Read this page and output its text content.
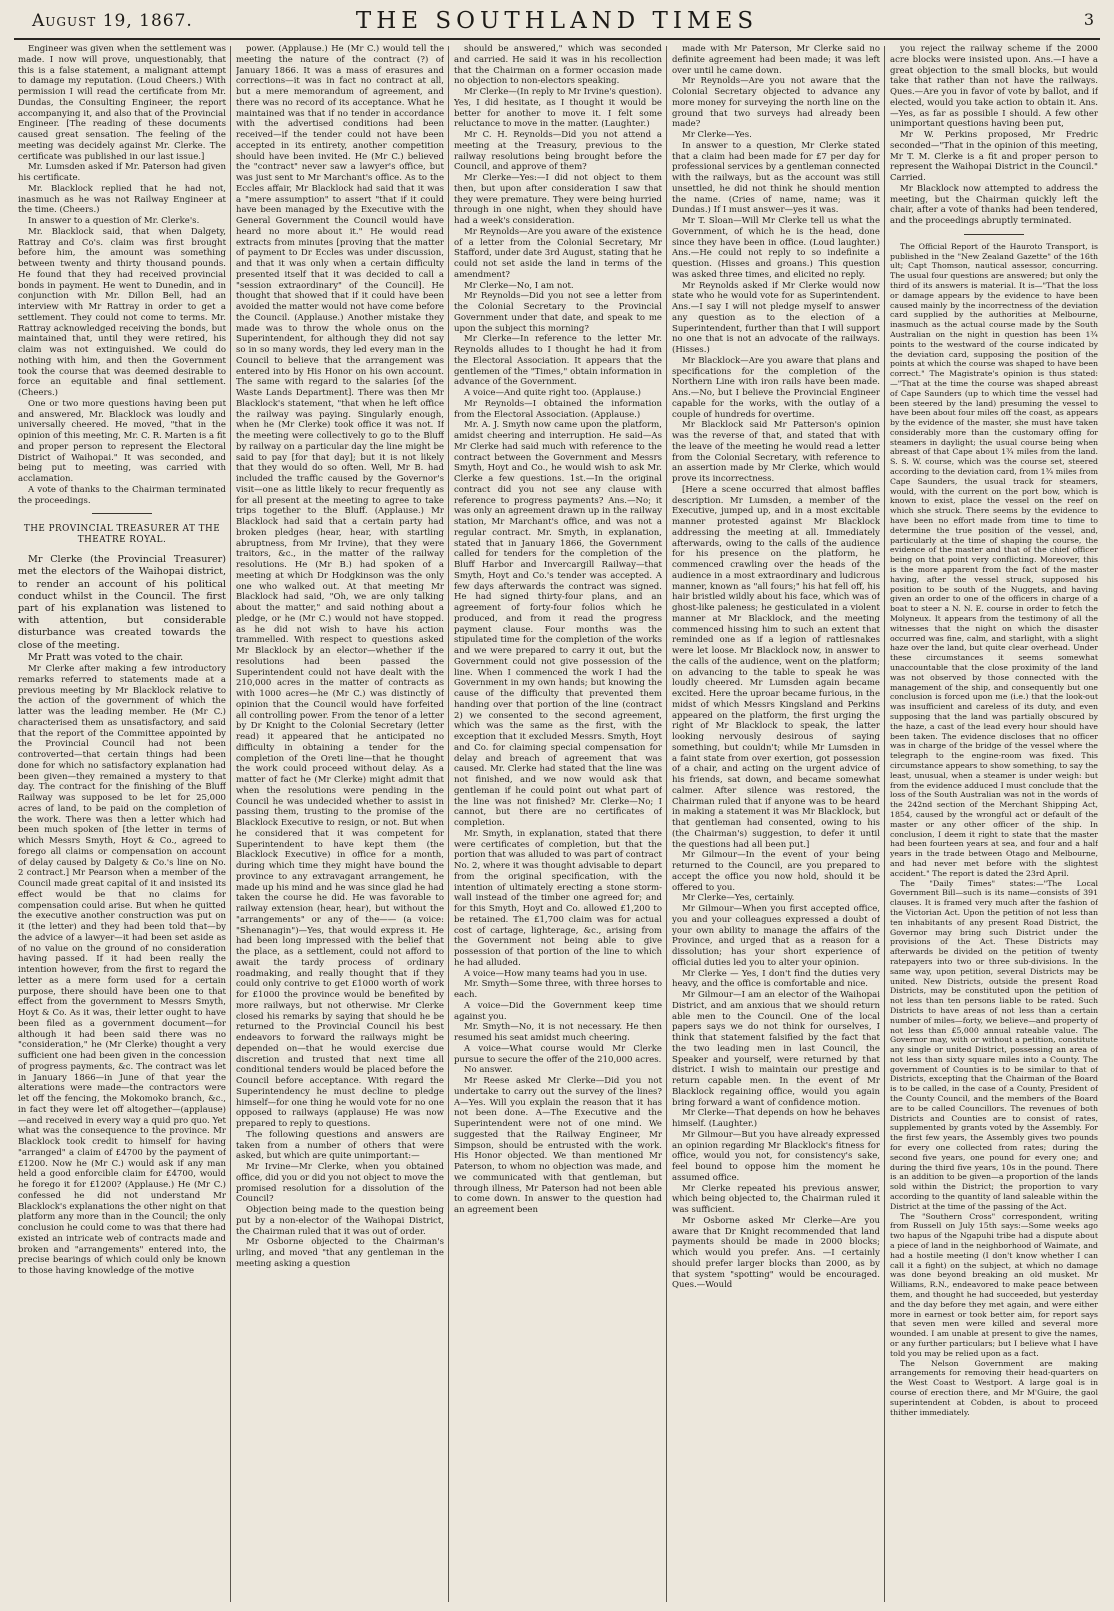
August 19, 1867.	THE SOUTHLAND TIMES	3

Engineer was given when the settlement was made. I now will prove, unquestionably, that this is a false statement, a malignant attempt to damage my reputation. (Loud Cheers.) With permission I will read the certificate from Mr. Dundas, the Consulting Engineer, the report accompanying it, and also that of the Provincial Engineer. [The reading of these documents caused great sensation. The feeling of the meeting was decidely against Mr. Clerke. The certificate was published in our last issue.]

Mr. Lumsden asked if Mr. Paterson had given his certificate.

Mr. Blacklock replied that he had not, inasmuch as he was not Railway Engineer at the time. (Cheers.)

In answer to a question of Mr. Clerke's.

Mr. Blacklock said, that when Dalgety, Rattray and Co's. claim was first brought before him, the amount was something between twenty and thirty thousand pounds. He found that they had received provincial bonds in payment. He went to Dunedin, and in conjunction with Mr. Dillon Bell, had an interview with Mr Rattray in order to get a settlement. They could not come to terms. Mr. Rattray acknowledged receiving the bonds, but maintained that, until they were retired, his claim was not extinguished. We could do nothing with him, and then the Government took the course that was deemed desirable to force an equitable and final settlement. (Cheers.)

One or two more questions having been put and answered, Mr. Blacklock was loudly and universally cheered. He moved, "that in the opinion of this meeting, Mr. C. R. Marten is a fit and proper person to represent the Electoral District of Waihopai." It was seconded, and being put to meeting, was carried with acclamation.

A vote of thanks to the Chairman terminated the proceedings.

THE PROVINCIAL TREASURER AT THE THEATRE ROYAL.

Mr Clerke (the Provincial Treasurer) met the electors of the Waihopai district, to render an account of his political conduct whilst in the Council. The first part of his explanation was listened to with attention, but considerable disturbance was created towards the close of the meeting.

Mr Pratt was voted to the chair.

Mr Clerke after making a few introductory remarks referred to statements made at a previous meeting by Mr Blacklock relative to the action of the government of which the latter was the leading member. He (Mr C.) characterised them as unsatisfactory, and said that the report of the Committee appointed by the Provincial Council had not been controverted—that certain things had been done for which no satisfactory explanation had been given—they remained a mystery to that day. The contract for the finishing of the Bluff Railway was supposed to be let for 25,000 acres of land, to be paid on the completion of the work. There was then a letter which had been much spoken of [the letter in terms of which Messrs Smyth, Hoyt & Co., agreed to forego all claims or compensation on account of delay caused by Dalgety & Co.'s line on No. 2 contract.] Mr Pearson when a member of the Council made great capital of it and insisted its effect would be that no claims for compensation could arise. But when he quitted the executive another construction was put on it (the letter) and they had been told that—by the advice of a lawyer—it had been set aside as of no value on the ground of no consideration having passed. If it had been really the intention however, from the first to regard the letter as a mere form used for a certain purpose, there should have been one to that effect from the government to Messrs Smyth, Hoyt & Co. As it was, their letter ought to have been filed as a government document—for although it had been said there was no "consideration," he (Mr Clerke) thought a very sufficient one had been given in the concession of progress payments, &c. The contract was let in January 1866—in June of that year the alterations were made—the contractors were let off the fencing, the Mokomoko branch, &c., in fact they were let off altogether—(applause)—and received in every way a quid pro quo. Yet what was the consequence to the province. Mr Blacklock took credit to himself for having "arranged" a claim of £4700 by the payment of £1200. Now he (Mr C.) would ask if any man held a good enforcible claim for £4700, would he forego it for £1200? (Applause.) He (Mr C.) confessed he did not understand Mr Blacklock's explanations the other night on that platform any more than in the Council; the only conclusion he could come to was that there had existed an intricate web of contracts made and broken and "arrangements" entered into, the precise bearings of which could only be known to those having knowledge of the motive

power. (Applause.) He (Mr C.) would tell the meeting the nature of the contract (?) of January 1866. It was a mass of erasures and corrections—it was in fact no contract at all, but a mere memorandum of agreement, and there was no record of its acceptance. What he maintained was that if no tender in accordance with the advertised conditions had been received—if the tender could not have been accepted in its entirety, another competition should have been invited. He (Mr C.) believed the "contract" never saw a lawyer's office, but was just sent to Mr Marchant's office. As to the Eccles affair, Mr Blacklock had said that it was a "mere assumption" to assert "that if it could have been managed by the Executive with the General Government the Council would have heard no more about it." He would read extracts from minutes [proving that the matter of payment to Dr Eccles was under discussion, and that it was only when a certain difficulty presented itself that it was decided to call a "session extraordinary" of the Council]. He thought that showed that if it could have been avoided the matter would not have come before the Council. (Applause.) Another mistake they made was to throw the whole onus on the Superintendent, for although they did not say so in so many words, they led every man in the Council to believe that the arrangement was entered into by His Honor on his own account. The same with regard to the salaries [of the Waste Lands Department]. There was then Mr Blacklock's statement, "that when he left office the railway was paying. Singularly enough, when he (Mr Clerke) took office it was not. If the meeting were collectively to go to the Bluff by railway on a particular day the line might be said to pay [for that day]; but it is not likely that they would do so often. Well, Mr B. had included the traffic caused by the Governor's visit—one as little likely to recur frequently as for all present at the meeting to agree to take trips together to the Bluff. (Applause.) Mr Blacklock had said that a certain party had broken pledges (hear, hear, with startling abruptness, from Mr Irvine), that they were traitors, &c., in the matter of the railway resolutions. He (Mr B.) had spoken of a meeting at which Dr Hodgkinson was the only one who walked out. At that meeting Mr Blacklock had said, "Oh, we are only talking about the matter," and said nothing about a pledge, or he (Mr C.) would not have stopped. as he did not wish to have his action trammelled. With respect to questions asked Mr Blacklock by an elector—whether if the resolutions had been passed the Superintendent could not have dealt with the 210,000 acres in the matter of contracts as with 1000 acres—he (Mr C.) was distinctly of opinion that the Council would have forfeited all controlling power. From the tenor of a letter by Dr Knight to the Colonial Secretary (letter read) it appeared that he anticipated no difficulty in obtaining a tender for the completion of the Oreti line—that he thought the work could proceed without delay. As a matter of fact he (Mr Clerke) might admit that when the resolutions were pending in the Council he was undecided whether to assist in passing them, trusting to the promise of the Blacklock Executive to resign, or not. But when he considered that it was competent for Superintendent to have kept them (the Blacklock Executive) in office for a month, during which time they might have bound the province to any extravagant arrangement, he made up his mind and he was since glad he had taken the course he did. He was favorable to railway extension (hear, hear), but without the "arrangements" or any of the—— (a voice: "Shenanagin")—Yes, that would express it. He had been long impressed with the belief that the place, as a settlement, could not afford to await the tardy process of ordinary roadmaking, and really thought that if they could only contrive to get £1000 worth of work for £1000 the province would be benefited by more railways, but not otherwise. Mr Clerke closed his remarks by saying that should he be returned to the Provincial Council his best endeavors to forward the railways might be depended on—that he would exercise due discretion and trusted that next time all conditional tenders would be placed before the Council before acceptance. With regard the Superintendency he must decline to pledge himself—for one thing he would vote for no one opposed to railways (applause) He was now prepared to reply to questions.

The following questions and answers are taken from a number of others that were asked, but which are quite unimportant:—

Mr Irvine—Mr Clerke, when you obtained office, did you or did you not object to move the promised resolution for a dissolution of the Council?

Objection being made to the question being put by a non-elector of the Waihopai District, the Chairman ruled that it was out of order.

Mr Osborne objected to the Chairman's urling, and moved "that any gentleman in the meeting asking a question

should be answered," which was seconded and carried. He said it was in his recollection that the Chairman on a former occasion made no objection to non-electors speaking.

Mr Clerke—(In reply to Mr Irvine's question). Yes, I did hesitate, as I thought it would be better for another to move it. I felt some reluctance to move in the matter. (Laughter.)

Mr C. H. Reynolds—Did you not attend a meeting at the Treasury, previous to the railway resolutions being brought before the Council, and approve of them?

Mr Clerke—Yes:—I did not object to them then, but upon after consideration I saw that they were premature. They were being hurried through in one night, when they should have had a week's consideration.

Mr Reynolds—Are you aware of the existence of a letter from the Colonial Secretary, Mr Stafford, under date 3rd August, stating that he could not set aside the land in terms of the amendment?

Mr Clerke—No, I am not.

Mr Reynolds—Did you not see a letter from the Colonial Secretary to the Provincial Government under that date, and speak to me upon the subject this morning?

Mr Clerke—In reference to the letter Mr. Reynolds alludes to I thought he had it from the Electoral Association. It appears that the gentlemen of the "Times," obtain information in advance of the Government.

A voice—And quite right too. (Applause.)

Mr Reynolds—I obtained the information from the Electoral Association. (Applause.)

Mr. A. J. Smyth now came upon the platform, amidst cheering and interruption. He said—As Mr Clerke had said much with reference to the contract between the Government and Messrs Smyth, Hoyt and Co., he would wish to ask Mr. Clerke a few questions. 1st.—In the original contract did you not see any clause with reference to progress payments? Ans.—No; it was only an agreement drawn up in the railway station, Mr Marchant's office, and was not a regular contract. Mr. Smyth, in explanation, stated that in January 1866, the Government called for tenders for the completion of the Bluff Harbor and Invercargill Railway—that Smyth, Hoyt and Co.'s tender was accepted. A few days afterwards the contract was signed. He had signed thirty-four plans, and an agreement of forty-four folios which he produced, and from it read the progress payment clause. Four months was the stipulated time for the completion of the works and we were prepared to carry it out, but the Government could not give possession of the line. When I commenced the work I had the Government in my own hands; but knowing the cause of the difficulty that prevented them handing over that portion of the line (contract 2) we consented to the second agreement, which was the same as the first, with the exception that it excluded Messrs. Smyth, Hoyt and Co. for claiming special compensation for delay and breach of agreement that was caused. Mr. Clerke had stated that the line was not finished, and we now would ask that gentleman if he could point out what part of the line was not finished? Mr. Clerke—No; I cannot, but there are no certificates of completion.

Mr. Smyth, in explanation, stated that there were certificates of completion, but that the portion that was alluded to was part of contract No. 2, where it was thought advisable to depart from the original specification, with the intention of ultimately erecting a stone storm-wall instead of the timber one agreed for; and for this Smyth, Hoyt and Co. allowed £1,200 to be retained. The £1,700 claim was for actual cost of cartage, lighterage, &c., arising from the Government not being able to give possession of that portion of the line to which he had alluded.

A voice—How many teams had you in use.

Mr. Smyth—Some three, with three horses to each.

A voice—Did the Government keep time against you.

Mr. Smyth—No, it is not necessary. He then resumed his seat amidst much cheering.

A voice—What course would Mr Clerke pursue to secure the offer of the 210,000 acres.

No answer.

Mr Reese asked Mr Clerke—Did you not undertake to carry out the survey of the lines? A—Yes. Will you explain the reason that it has not been done. A—The Executive and the Superintendent were not of one mind. We suggested that the Railway Engineer, Mr Simpson, should be entrusted with the work. His Honor objected. We than mentioned Mr Paterson, to whom no objection was made, and we communicated with that gentleman, but through illness, Mr Paterson had not been able to come down. In answer to the question had an agreement been

made with Mr Paterson, Mr Clerke said no definite agreement had been made; it was left over until he came down.

Mr Reynolds—Are you not aware that the Colonial Secretary objected to advance any more money for surveying the north line on the ground that two surveys had already been made?

Mr Clerke—Yes.

In answer to a question, Mr Clerke stated that a claim had been made for £7 per day for professional services by a gentleman connected with the railways, but as the account was still unsettled, he did not think he should mention the name. (Cries of name, name; was it Dundas.) If I must answer—yes it was.

Mr T. Sloan—Will Mr Clerke tell us what the Government, of which he is the head, done since they have been in office. (Loud laughter.) Ans.—He could not reply to so indefinite a question. (Hisses and groans.) This question was asked three times, and elicited no reply.

Mr Reynolds asked if Mr Clerke would now state who he would vote for as Superintendent. Ans.—I say I will not pledge myself to answer any question as to the election of a Superintendent, further than that I will support no one that is not an advocate of the railways. (Hisses.)

Mr Blacklock—Are you aware that plans and specifications for the completion of the Northern Line with iron rails have been made. Ans.—No, but I believe the Provincial Engineer capable for the works, with the outlay of a couple of hundreds for overtime.

Mr Blacklock said Mr Patterson's opinion was the reverse of that, and stated that with the leave of the meeting he would read a letter from the Colonial Secretary, with reference to an assertion made by Mr Clerke, which would prove its incorrectness.

[Here a scene occurred that almost baffles description. Mr Lumsden, a member of the Executive, jumped up, and in a most excitable manner protested against Mr Blacklock addressing the meeting at all. Immediately afterwards, owing to the calls of the audience for his presence on the platform, he commenced crawling over the heads of the audience in a most extraordinary and ludicrous manner, known as "all fours;" his hat fell off, his hair bristled wildly about his face, which was of ghost-like paleness; he gesticulated in a violent manner at Mr Blacklock, and the meeting commenced hissing him to such an extent that reminded one as if a legion of rattlesnakes were let loose. Mr Blacklock now, in answer to the calls of the audience, went on the platform; on advancing to the table to speak he was loudly cheered. Mr Lumsden again became excited. Here the uproar became furious, in the midst of which Messrs Kingsland and Perkins appeared on the platform, the first urging the right of Mr Blacklock to speak, the latter looking nervously desirous of saying something, but couldn't; while Mr Lumsden in a faint state from over exertion, got possession of a chair, and acting on the urgent advice of his friends, sat down, and became somewhat calmer. After silence was restored, the Chairman ruled that if anyone was to be heard in making a statement it was Mr Blacklock, but that gentleman had consented, owing to his (the Chairman's) suggestion, to defer it until the questions had all been put.]

Mr Gilmour—In the event of your being returned to the Council, are you prepared to accept the office you now hold, should it be offered to you.

Mr Clerke—Yes, certainly.

Mr Gilmour—When you first accepted office, you and your colleagues expressed a doubt of your own ability to manage the affairs of the Province, and urged that as a reason for a dissolution; has your short experience of official duties led you to alter your opinion.

Mr Clerke — Yes, I don't find the duties very heavy, and the office is comfortable and nice.

Mr Gilmour—I am an elector of the Waihopai District, and am anxious that we should return able men to the Council. One of the local papers says we do not think for ourselves, I think that statement falsified by the fact that the two leading men in last Council, the Speaker and yourself, were returned by that district. I wish to maintain our prestige and return capable men. In the event of Mr Blacklock regaining office, would you again bring forward a want of confidence motion.

Mr Clerke—That depends on how he behaves himself. (Laughter.)

Mr Gilmour—But you have already expressed an opinion regarding Mr Blacklock's fitness for office, would you not, for consistency's sake, feel bound to oppose him the moment he assumed office.

Mr Clerke repeated his previous answer, which being objected to, the Chairman ruled it was sufficient.

Mr Osborne asked Mr Clerke—Are you aware that Dr Knight recommended that land payments should be made in 2000 blocks; which would you prefer. Ans. —I certainly should prefer larger blocks than 2000, as by that system "spotting" would be encouraged. Ques.—Would

you reject the railway scheme if the 2000 acre blocks were insisted upon. Ans.—I have a great objection to the small blocks, but would take that rather than not have the railways. Ques.—Are you in favor of vote by ballot, and if elected, would you take action to obtain it. Ans.—Yes, as far as possible I should. A few other unimportant questions having been put,

Mr W. Perkins proposed, Mr Fredric seconded—"That in the opinion of this meeting, Mr T. M. Clerke is a fit and proper person to represent the Waihopai District in the Council." Carried.

Mr Blacklock now attempted to address the meeting, but the Chairman quickly left the chair, after a vote of thanks had been tendered, and the proceedings abruptly terminated.

The Official Report of the Hauroto Transport, is published in the "New Zealand Gazette" of the 16th ult; Capt Thomson, nautical assessor, concurring. The usual four questions are answered; but only the third of its answers is material. It is—"That the loss or damage appears by the evidence to have been caused mainly by the incorrectness of the deviation card supplied by the authorities at Melbourne, inasmuch as the actual course made by the South Australian on the night in question has been 1¾ points to the westward of the course indicated by the deviation card, supposing the position of the points at which the course was shaped to have been correct." The Magistrate's opinion is thus stated:—"That at the time the course was shaped abreast of Cape Saunders (up to which time the vessel had been steered by the land) presuming the vessel to have been about four miles off the coast, as appears by the evidence of the master, she must have taken considerably more than the customary offing for steamers in daylight; the usual course being when abreast of that Cape about 1¾ miles from the land. S. S. W. course, which was the course set, steered according to the deviation card, from 1¾ miles from Cape Saunders, the usual track for steamers, would, with the current on the port bow, which is known to exist, place the vessel on the reef on which she struck. There seems by the evidence to have been no effort made from time to time to determine the true position of the vessel, and, particularly at the time of shaping the course, the evidence of the master and that of the chief officer being on that point very conflicting. Moreover, this is the more apparent from the fact of the master having, after the vessel struck, supposed his position to be south of the Nuggets, and having given an order to one of the officers in charge of a boat to steer a N. N. E. course in order to fetch the Molyneux. It appears from the testimony of all the witnesses that the night on which the disaster occurred was fine, calm, and starlight, with a slight haze over the land, but quite clear overhead. Under these circumstances it seems somewhat unaccountable that the close proximity of the land was not observed by those connected with the management of the ship, and consequently but one conclusion is forced upon me (i.e.) that the look-out was insufficient and careless of its duty, and even supposing that the land was partially obscured by the haze, a cast of the lead every hour should have been taken. The evidence discloses that no officer was in charge of the bridge of the vessel where the telegraph to the engine-room was fixed. This circumstance appears to show something, to say the least, unusual, when a steamer is under weigh: but from the evidence adduced I must conclude that the loss of the South Australian was not in the words of the 242nd section of the Merchant Shipping Act, 1854, caused by the wrongful act or default of the master or any other officer of the ship. In conclusion, I deem it right to state that the master had been fourteen years at sea, and four and a half years in the trade between Otago and Melbourne, and had never met before with the slightest accident." The report is dated the 23rd April.

The "Daily Times" states:—"The Local Government Bill—such is its name—consists of 391 clauses. It is framed very much after the fashion of the Victorian Act. Upon the petition of not less than ten inhabitants of any present Road District, the Governor may bring such District under the provisions of the Act. These Districts may afterwards be divided on the petition of twenty ratepayers into two or three sub-divisions. In the same way, upon petition, several Districts may be united. New Districts, outside the present Road Districts, may be constituted upon the petition of not less than ten persons liable to be rated. Such Districts to have areas of not less than a certain number of miles—forty, we believe—and property of not less than £5,000 annual rateable value. The Governor may, with or without a petition, constitute any single or united District, possessing an area of not less than sixty square miles into a County. The government of Counties is to be similar to that of Districts, excepting that the Chairman of the Board is to be called, in the case of a County, President of the County Council, and the members of the Board are to be called Councillors. The revenues of both Districts and Counties are to consist of rates, supplemented by grants voted by the Assembly. For the first few years, the Assembly gives two pounds for every one collected from rates; during the second five years, one pound for every one; and during the third five years, 10s in the pound. There is an addition to be given—a proportion of the lands sold within the District; the proportion to vary according to the quantity of land saleable within the District at the time of the passing of the Act.

The "Southern Cross" correspondent, writing from Russell on July 15th says:—Some weeks ago two hapus of the Ngapuhi tribe had a dispute about a piece of land in the neighborhood of Waimate, and had a hostile meeting (I don't know whether I can call it a fight) on the subject, at which no damage was done beyond breaking an old musket. Mr Williams, R.N., endeavored to make peace between them, and thought he had succeeded, but yesterday and the day before they met again, and were either more in earnest or took better aim, for report says that seven men were killed and several more wounded. I am unable at present to give the names, or any further particulars; but I believe what I have told you may be relied upon as a fact.

The Nelson Government are making arrangements for removing their head-quarters on the West Coast to Westport. A large goal is in course of erection there, and Mr M'Guire, the gaol superintendent at Cobden, is about to proceed thither immediately.
